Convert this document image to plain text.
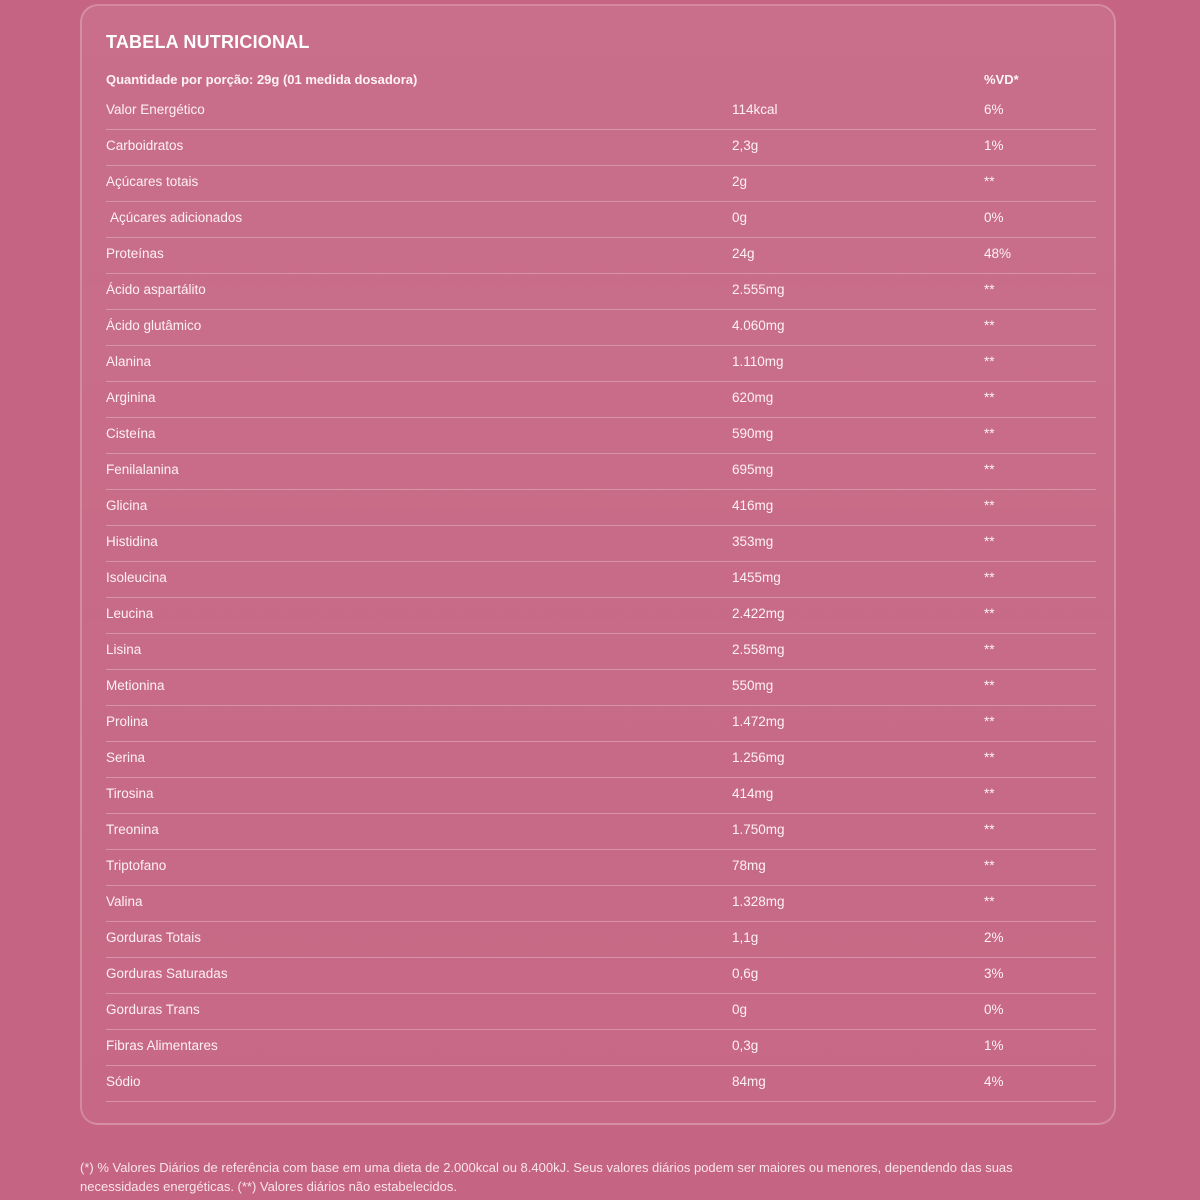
TABELA NUTRICIONAL
Quantidade por porção: 29g (01 medida dosadora)	%VD*
Valor Energético	114kcal	6%
Carboidratos	2,3g	1%
Açúcares totais	2g	**
Açúcares adicionados	0g	0%
Proteínas	24g	48%
Ácido aspartálito	2.555mg	**
Ácido glutâmico	4.060mg	**
Alanina	1.110mg	**
Arginina	620mg	**
Cisteína	590mg	**
Fenilalanina	695mg	**
Glicina	416mg	**
Histidina	353mg	**
Isoleucina	1455mg	**
Leucina	2.422mg	**
Lisina	2.558mg	**
Metionina	550mg	**
Prolina	1.472mg	**
Serina	1.256mg	**
Tirosina	414mg	**
Treonina	1.750mg	**
Triptofano	78mg	**
Valina	1.328mg	**
Gorduras Totais	1,1g	2%
Gorduras Saturadas	0,6g	3%
Gorduras Trans	0g	0%
Fibras Alimentares	0,3g	1%
Sódio	84mg	4%
(*) % Valores Diários de referência com base em uma dieta de 2.000kcal ou 8.400kJ. Seus valores diários podem ser maiores ou menores, dependendo das suas
necessidades energéticas. (**) Valores diários não estabelecidos.
